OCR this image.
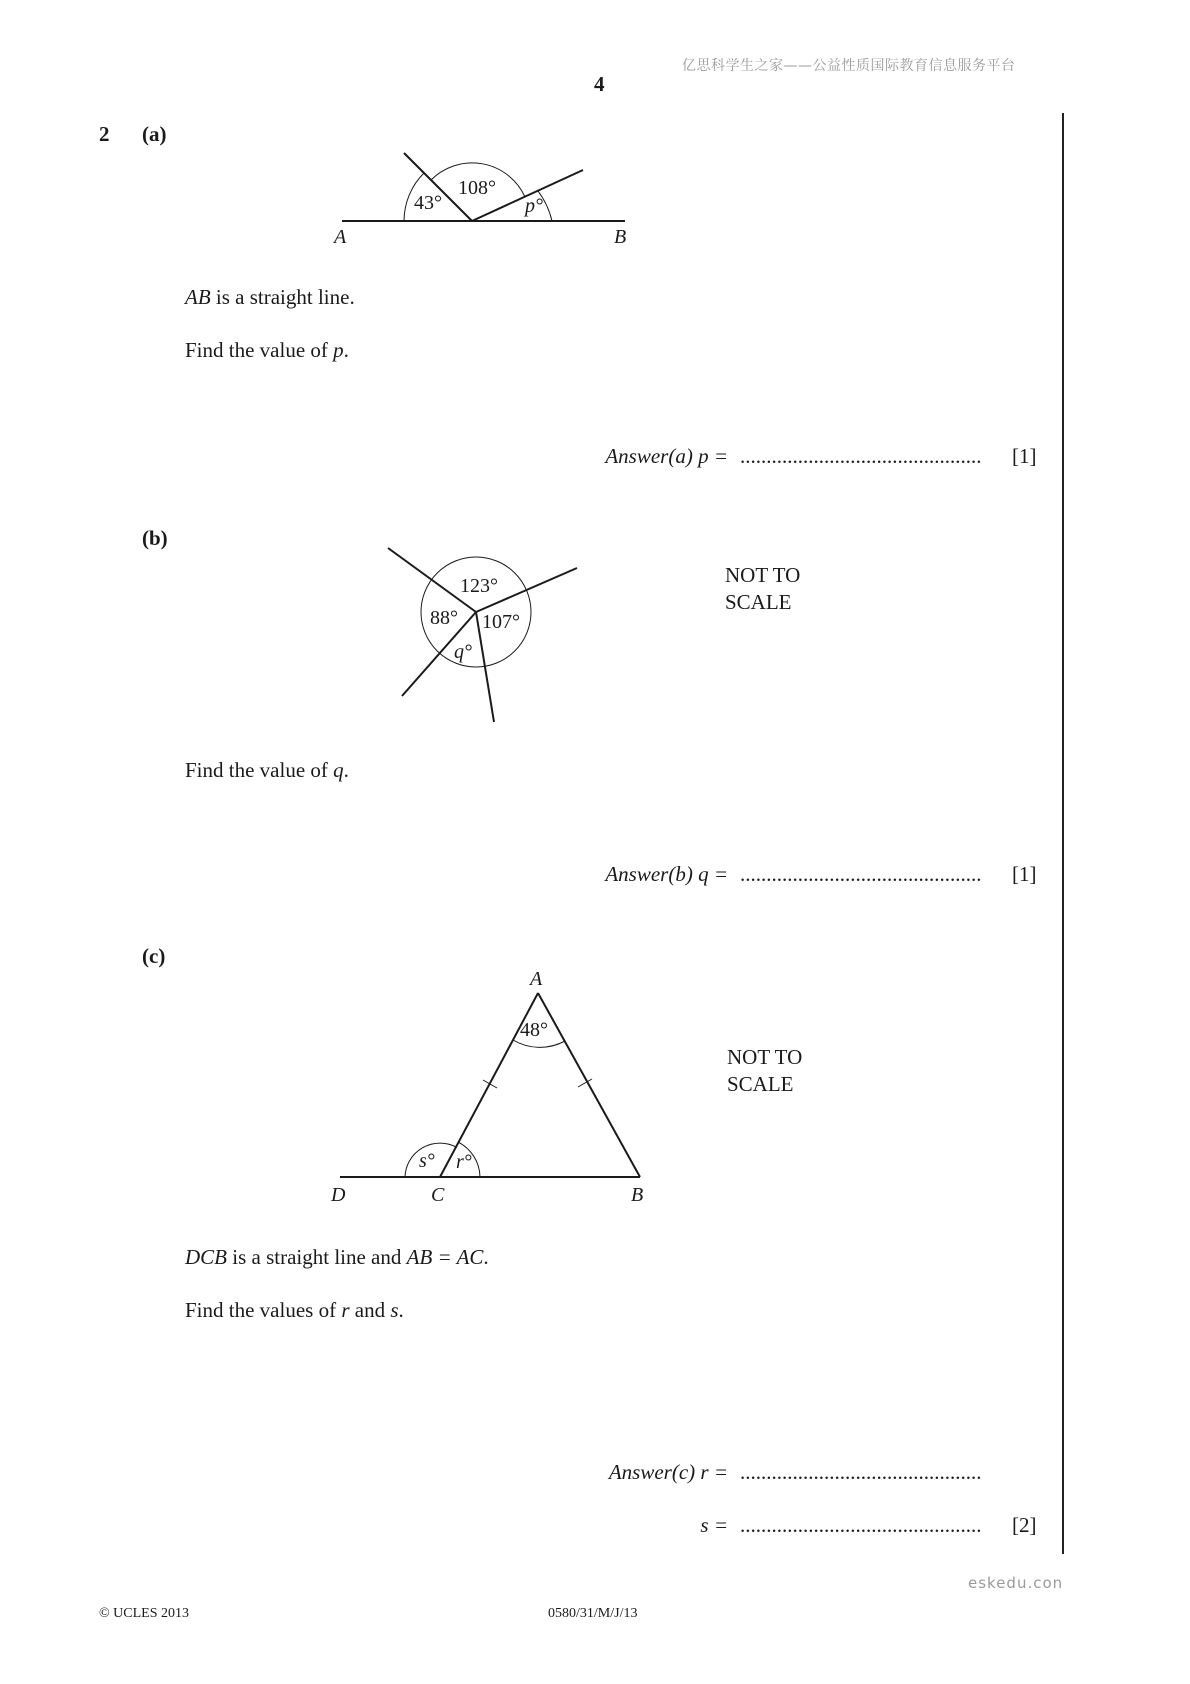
亿思科学生之家——公益性质国际教育信息服务平台
4
2 (a)
43°
108°
p°
A	B
AB is a straight line.
Find the value of p.
Answer(a) p = .............................................. [1]
(b)
123°
88° 107°
q°
NOT TO
SCALE
Find the value of q.
Answer(b) q = .............................................. [1]
(c)
48°
r°
s°
A
B
C
D
NOT TO
SCALE
DCB is a straight line and AB = AC.
Find the values of r and s.
Answer(c) r = ..............................................
s = .............................................. [2]
eskedu.con
© UCLES 2013	0580/31/M/J/13
